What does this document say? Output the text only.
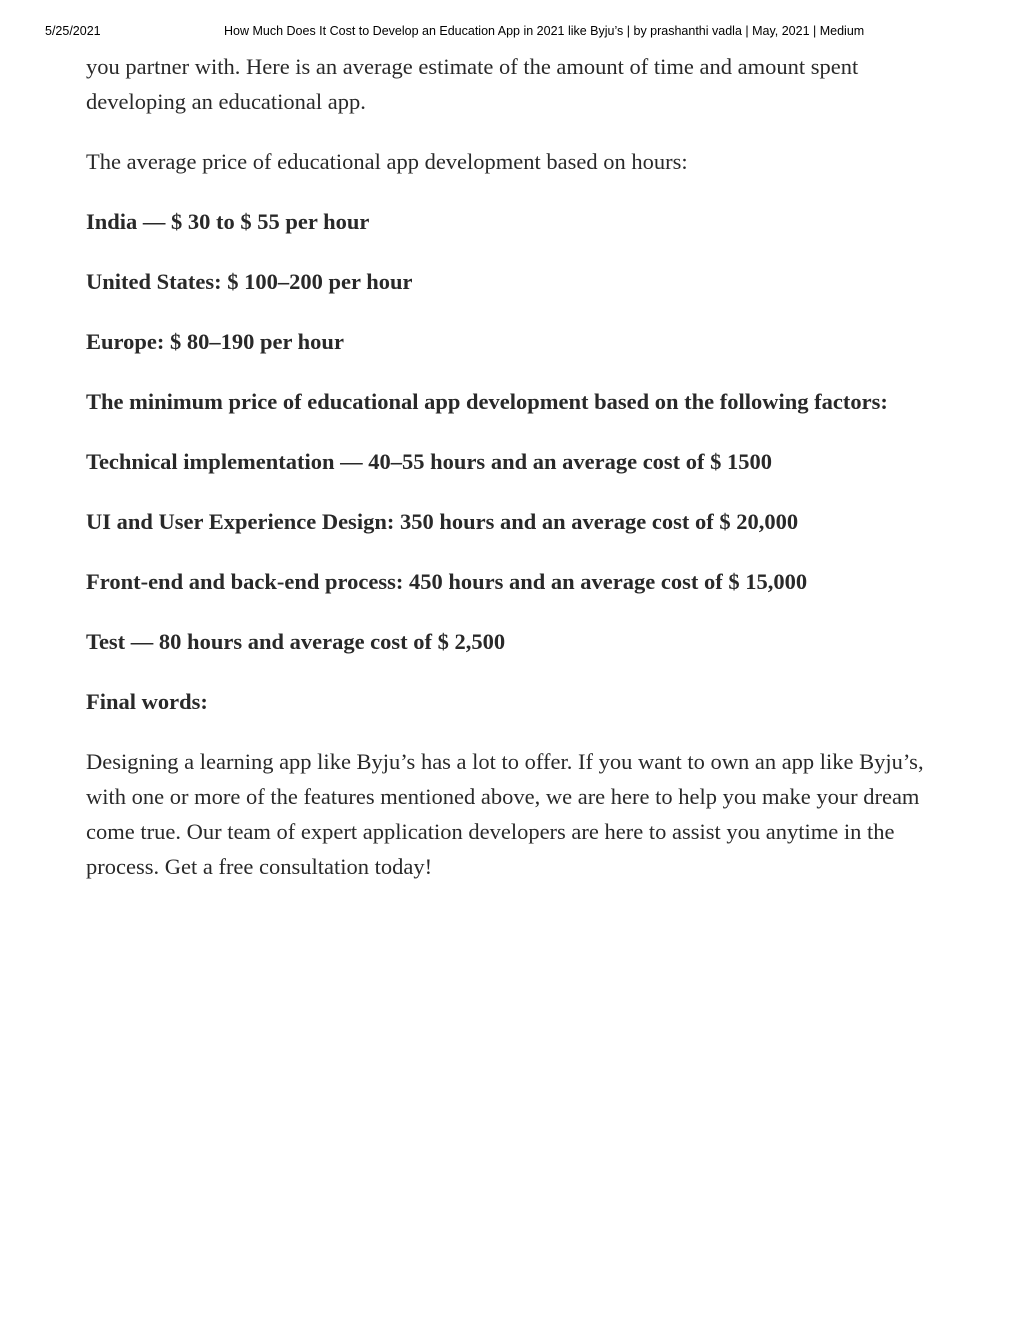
5/25/2021	How Much Does It Cost to Develop an Education App in 2021 like Byju’s | by prashanthi vadla | May, 2021 | Medium

you partner with. Here is an average estimate of the amount of time and amount spent developing an educational app.

The average price of educational app development based on hours:

India — $ 30 to $ 55 per hour

United States: $ 100–200 per hour

Europe: $ 80–190 per hour

The minimum price of educational app development based on the following factors:

Technical implementation — 40–55 hours and an average cost of $ 1500

UI and User Experience Design: 350 hours and an average cost of $ 20,000

Front-end and back-end process: 450 hours and an average cost of $ 15,000

Test — 80 hours and average cost of $ 2,500

Final words:

Designing a learning app like Byju’s has a lot to offer. If you want to own an app like Byju’s, with one or more of the features mentioned above, we are here to help you make your dream come true. Our team of expert application developers are here to assist you anytime in the process. Get a free consultation today!
